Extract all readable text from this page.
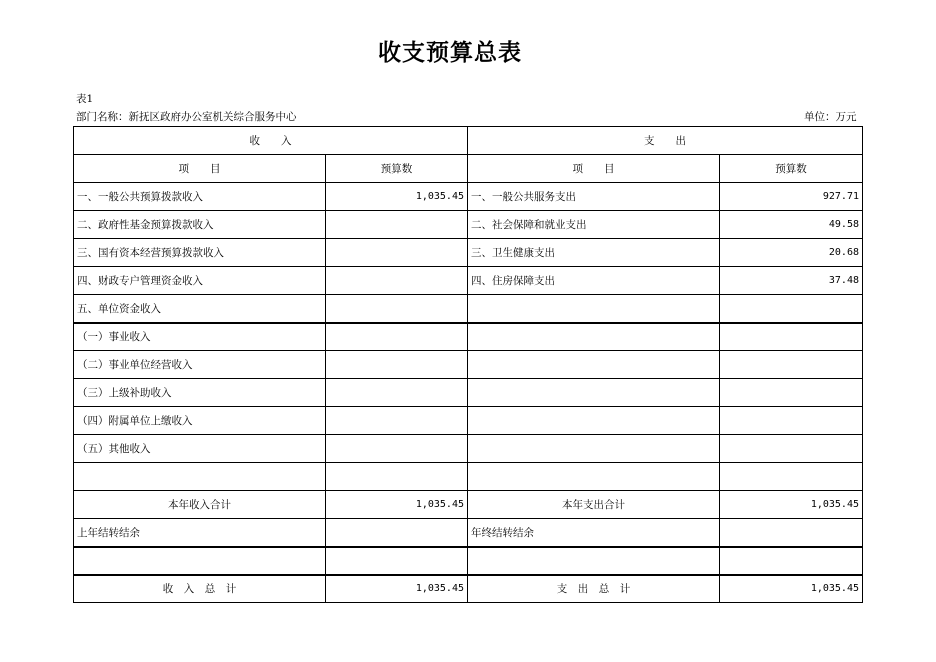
收支预算总表
表1
部门名称：新抚区政府办公室机关综合服务中心	单位：万元
收　　入		支　　出	
项　　目	预算数	项　　目	预算数
一、一般公共预算拨款收入	1,035.45	一、一般公共服务支出	927.71
二、政府性基金预算拨款收入		二、社会保障和就业支出	49.58
三、国有资本经营预算拨款收入		三、卫生健康支出	20.68
四、财政专户管理资金收入		四、住房保障支出	37.48
五、单位资金收入			
（一）事业收入			
（二）事业单位经营收入			
（三）上级补助收入			
（四）附属单位上缴收入			
（五）其他收入			

本年收入合计	1,035.45	本年支出合计	1,035.45
上年结转结余		年终结转结余	

收　入　总　计	1,035.45	支　出　总　计	1,035.45
